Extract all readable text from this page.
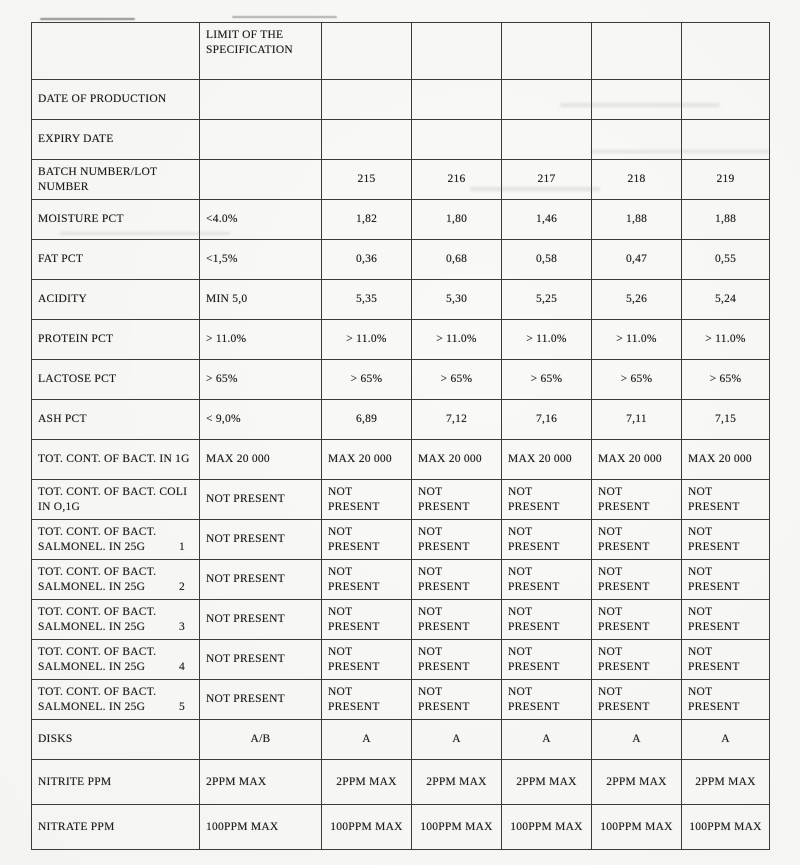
	LIMIT OF THE SPECIFICATION					

DATE OF PRODUCTION						

EXPIRY DATE						

BATCH NUMBER/LOT NUMBER		215	216	217	218	219

MOISTURE PCT	<4.0%	1,82	1,80	1,46	1,88	1,88

FAT PCT	<1,5%	0,36	0,68	0,58	0,47	0,55

ACIDITY	MIN 5,0	5,35	5,30	5,25	5,26	5,24

PROTEIN PCT	> 11.0%	> 11.0%	> 11.0%	> 11.0%	> 11.0%	> 11.0%

LACTOSE PCT	> 65%	> 65%	> 65%	> 65%	> 65%	> 65%

ASH PCT	< 9,0%	6,89	7,12	7,16	7,11	7,15

TOT. CONT. OF BACT. IN 1G	MAX 20 000	MAX 20 000	MAX 20 000	MAX 20 000	MAX 20 000	MAX 20 000

TOT. CONT. OF BACT. COLI IN O,1G	NOT PRESENT	NOT PRESENT	NOT PRESENT	NOT PRESENT	NOT PRESENT	NOT PRESENT

TOT. CONT. OF BACT. SALMONEL. IN 25G 1	NOT PRESENT	NOT PRESENT	NOT PRESENT	NOT PRESENT	NOT PRESENT	NOT PRESENT

TOT. CONT. OF BACT. SALMONEL. IN 25G 2	NOT PRESENT	NOT PRESENT	NOT PRESENT	NOT PRESENT	NOT PRESENT	NOT PRESENT

TOT. CONT. OF BACT. SALMONEL. IN 25G 3	NOT PRESENT	NOT PRESENT	NOT PRESENT	NOT PRESENT	NOT PRESENT	NOT PRESENT

TOT. CONT. OF BACT. SALMONEL. IN 25G 4	NOT PRESENT	NOT PRESENT	NOT PRESENT	NOT PRESENT	NOT PRESENT	NOT PRESENT

TOT. CONT. OF BACT. SALMONEL. IN 25G 5	NOT PRESENT	NOT PRESENT	NOT PRESENT	NOT PRESENT	NOT PRESENT	NOT PRESENT

DISKS	A/B	A	A	A	A	A

NITRITE PPM	2PPM MAX	2PPM MAX	2PPM MAX	2PPM MAX	2PPM MAX	2PPM MAX

NITRATE PPM	100PPM MAX	100PPM MAX	100PPM MAX	100PPM MAX	100PPM MAX	100PPM MAX
